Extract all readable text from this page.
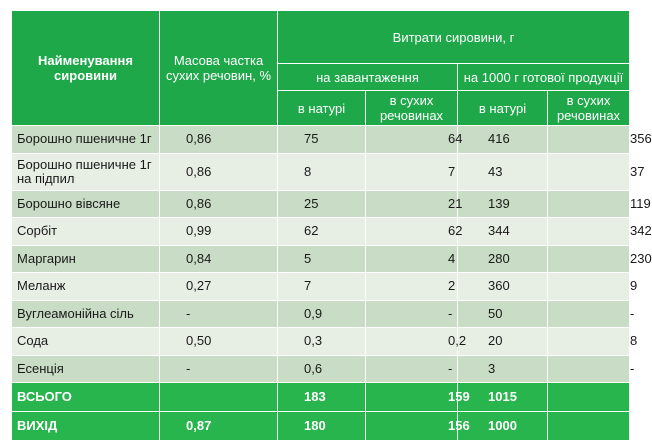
Найменування сировини	Масова частка сухих речовин, %	Витрати сировини, г			
		на завантаження		на 1000 г готової продукції	
		в натурі	в сухих речовинах	в натурі	в сухих речовинах
Борошно пшеничне 1г	0,86	75	64	416	356
Борошно пшеничне 1г на підпил	0,86	8	7	43	37
Борошно вівсяне	0,86	25	21	139	119
Сорбіт	0,99	62	62	344	342
Маргарин	0,84	5	4	280	230
Меланж	0,27	7	2	360	9
Вуглеамонійна сіль	-	0,9	-	50	-
Сода	0,50	0,3	0,2	20	8
Есенція	-	0,6	-	3	-
ВСЬОГО		183	159	1015	887
ВИХІД	0,87	180	156	1000	865
